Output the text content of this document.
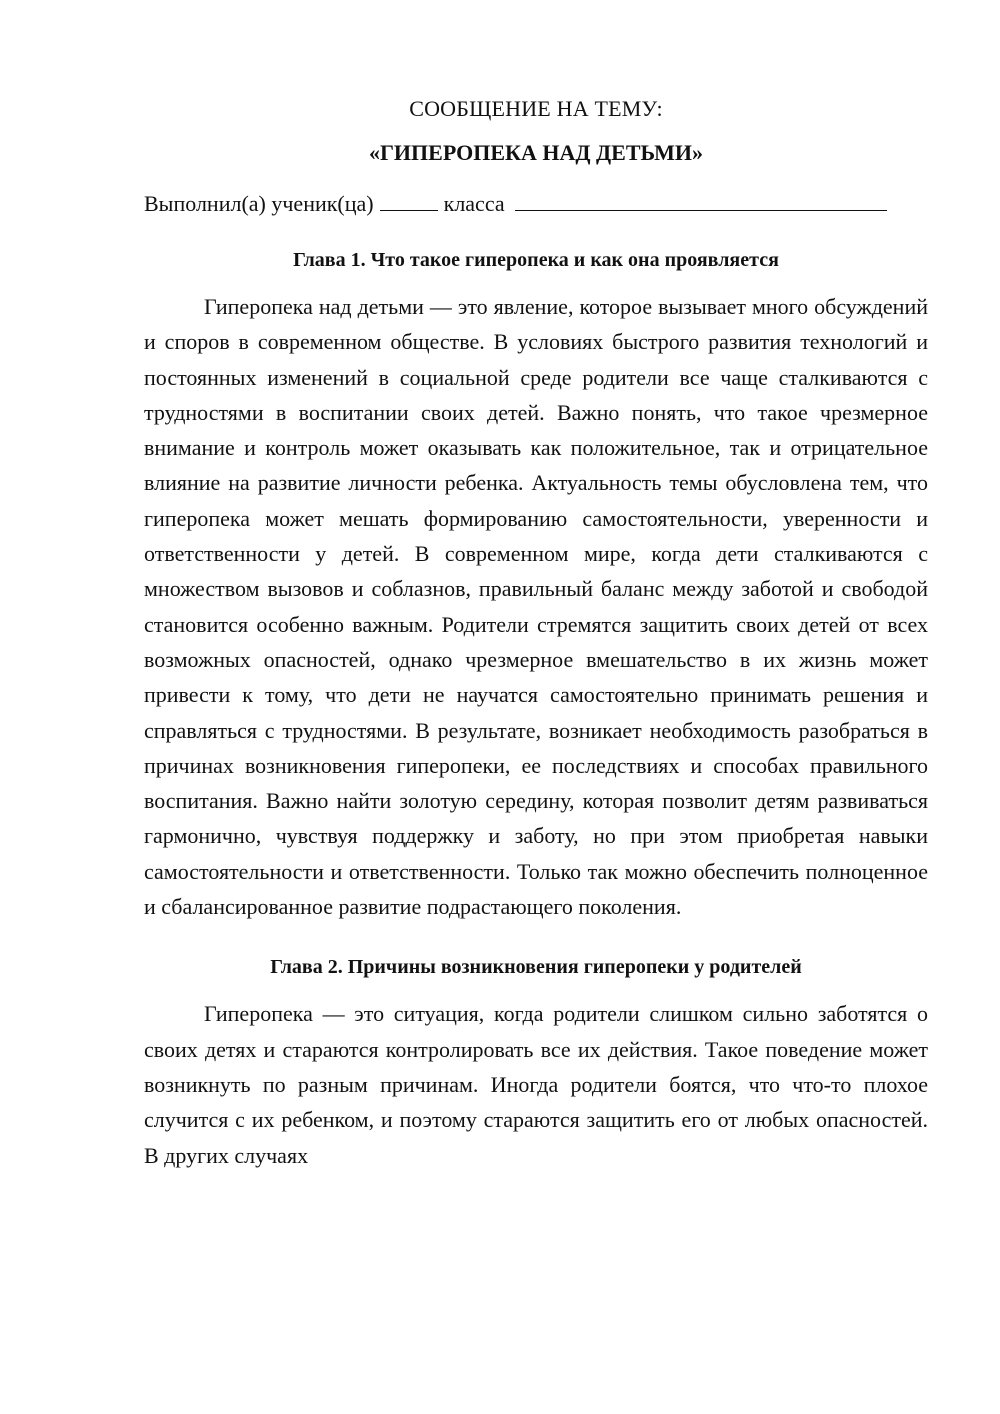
СООБЩЕНИЕ НА ТЕМУ:
«ГИПЕРОПЕКА НАД ДЕТЬМИ»
Выполнил(а) ученик(ца)	класса
Глава 1. Что такое гиперопека и как она проявляется

Гиперопека над детьми — это явление, которое вызывает много обсуждений и споров в современном обществе. В условиях быстрого развития технологий и постоянных изменений в социальной среде родители все чаще сталкиваются с трудностями в воспитании своих детей. Важно понять, что такое чрезмерное внимание и контроль может оказывать как положительное, так и отрицательное влияние на развитие личности ребенка. Актуальность темы обусловлена тем, что гиперопека может мешать формированию самостоятельности, уверенности и ответственности у детей. В современном мире, когда дети сталкиваются с множеством вызовов и соблазнов, правильный баланс между заботой и свободой становится особенно важным. Родители стремятся защитить своих детей от всех возможных опасностей, однако чрезмерное вмешательство в их жизнь может привести к тому, что дети не научатся самостоятельно принимать решения и справляться с трудностями. В результате, возникает необходимость разобраться в причинах возникновения гиперопеки, ее последствиях и способах правильного воспитания. Важно найти золотую середину, которая позволит детям развиваться гармонично, чувствуя поддержку и заботу, но при этом приобретая навыки самостоятельности и ответственности. Только так можно обеспечить полноценное и сбалансированное развитие подрастающего поколения.

Глава 2. Причины возникновения гиперопеки у родителей

Гиперопека — это ситуация, когда родители слишком сильно заботятся о своих детях и стараются контролировать все их действия. Такое поведение может возникнуть по разным причинам. Иногда родители боятся, что что-то плохое случится с их ребенком, и поэтому стараются защитить его от любых опасностей. В других случаях
